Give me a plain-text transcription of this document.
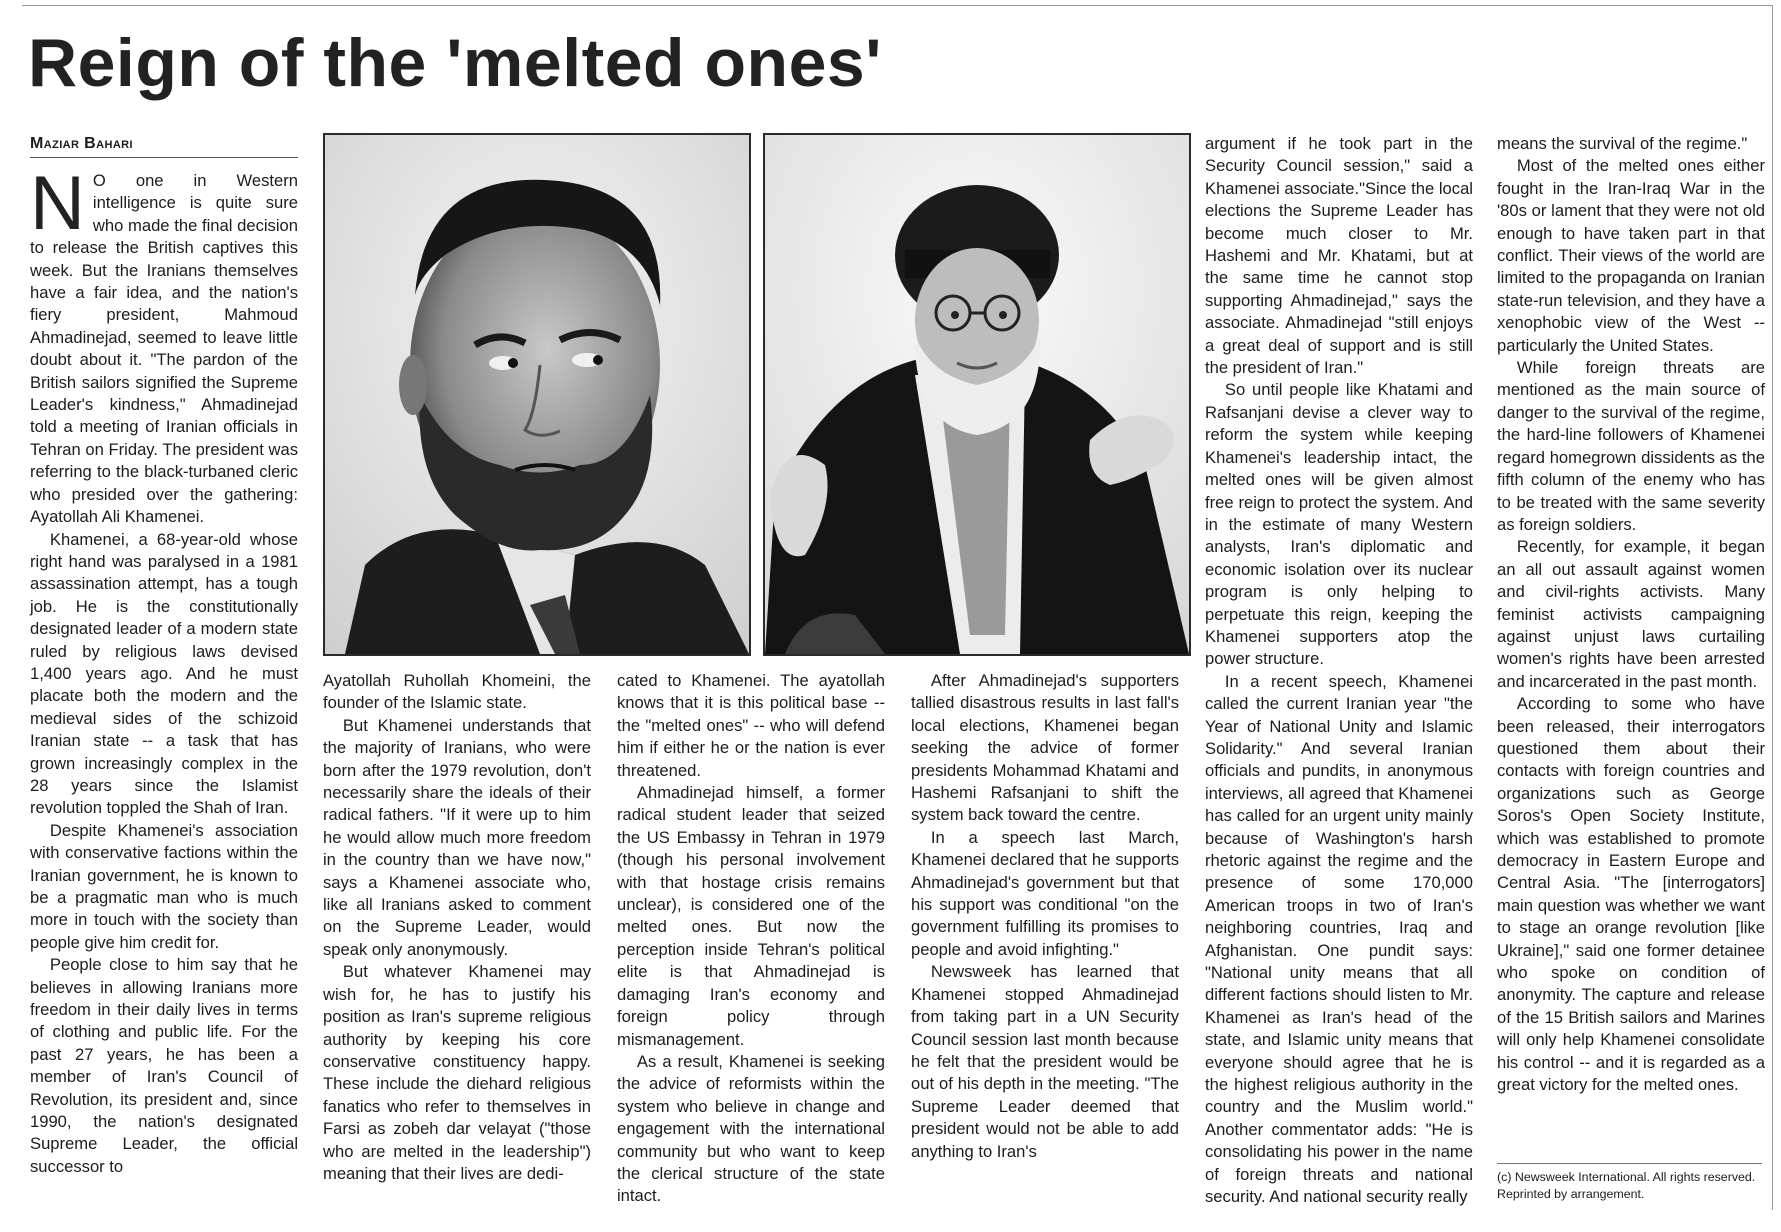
Reign of the 'melted ones'
Maziar Bahari

N O one in Western intelligence is quite sure who made the final decision to release the British captives this week. But the Iranians themselves have a fair idea, and the nation's fiery president, Mahmoud Ahmadinejad, seemed to leave little doubt about it. "The pardon of the British sailors signified the Supreme Leader's kindness," Ahmadinejad told a meeting of Iranian officials in Tehran on Friday. The president was referring to the black-turbaned cleric who presided over the gathering: Ayatollah Ali Khamenei.

Khamenei, a 68-year-old whose right hand was paralysed in a 1981 assassination attempt, has a tough job. He is the constitutionally designated leader of a modern state ruled by religious laws devised 1,400 years ago. And he must placate both the modern and the medieval sides of the schizoid Iranian state -- a task that has grown increasingly complex in the 28 years since the Islamist revolution toppled the Shah of Iran.

Despite Khamenei's association with conservative factions within the Iranian government, he is known to be a pragmatic man who is much more in touch with the society than people give him credit for.

People close to him say that he believes in allowing Iranians more freedom in their daily lives in terms of clothing and public life. For the past 27 years, he has been a member of Iran's Council of Revolution, its president and, since 1990, the nation's designated Supreme Leader, the official successor to

Ayatollah Ruhollah Khomeini, the founder of the Islamic state.

But Khamenei understands that the majority of Iranians, who were born after the 1979 revolution, don't necessarily share the ideals of their radical fathers. "If it were up to him he would allow much more freedom in the country than we have now," says a Khamenei associate who, like all Iranians asked to comment on the Supreme Leader, would speak only anonymously.

But whatever Khamenei may wish for, he has to justify his position as Iran's supreme religious authority by keeping his core conservative constituency happy. These include the diehard religious fanatics who refer to themselves in Farsi as zobeh dar velayat ("those who are melted in the leadership") meaning that their lives are dedi-

cated to Khamenei. The ayatollah knows that it is this political base -- the "melted ones" -- who will defend him if either he or the nation is ever threatened.

Ahmadinejad himself, a former radical student leader that seized the US Embassy in Tehran in 1979 (though his personal involvement with that hostage crisis remains unclear), is considered one of the melted ones. But now the perception inside Tehran's political elite is that Ahmadinejad is damaging Iran's economy and foreign policy through mismanagement.

As a result, Khamenei is seeking the advice of reformists within the system who believe in change and engagement with the international community but who want to keep the clerical structure of the state intact.

After Ahmadinejad's supporters tallied disastrous results in last fall's local elections, Khamenei began seeking the advice of former presidents Mohammad Khatami and Hashemi Rafsanjani to shift the system back toward the centre.

In a speech last March, Khamenei declared that he supports Ahmadinejad's government but that his support was conditional "on the government fulfilling its promises to people and avoid infighting."

Newsweek has learned that Khamenei stopped Ahmadinejad from taking part in a UN Security Council session last month because he felt that the president would be out of his depth in the meeting. "The Supreme Leader deemed that president would not be able to add anything to Iran's

argument if he took part in the Security Council session," said a Khamenei associate."Since the local elections the Supreme Leader has become much closer to Mr. Hashemi and Mr. Khatami, but at the same time he cannot stop supporting Ahmadinejad," says the associate. Ahmadinejad "still enjoys a great deal of support and is still the president of Iran."

So until people like Khatami and Rafsanjani devise a clever way to reform the system while keeping Khamenei's leadership intact, the melted ones will be given almost free reign to protect the system. And in the estimate of many Western analysts, Iran's diplomatic and economic isolation over its nuclear program is only helping to perpetuate this reign, keeping the Khamenei supporters atop the power structure.

In a recent speech, Khamenei called the current Iranian year "the Year of National Unity and Islamic Solidarity." And several Iranian officials and pundits, in anonymous interviews, all agreed that Khamenei has called for an urgent unity mainly because of Washington's harsh rhetoric against the regime and the presence of some 170,000 American troops in two of Iran's neighboring countries, Iraq and Afghanistan. One pundit says: "National unity means that all different factions should listen to Mr. Khamenei as Iran's head of the state, and Islamic unity means that everyone should agree that he is the highest religious authority in the country and the Muslim world." Another commentator adds: "He is consolidating his power in the name of foreign threats and national security. And national security really

means the survival of the regime."

Most of the melted ones either fought in the Iran-Iraq War in the '80s or lament that they were not old enough to have taken part in that conflict. Their views of the world are limited to the propaganda on Iranian state-run television, and they have a xenophobic view of the West -- particularly the United States.

While foreign threats are mentioned as the main source of danger to the survival of the regime, the hard-line followers of Khamenei regard homegrown dissidents as the fifth column of the enemy who has to be treated with the same severity as foreign soldiers.

Recently, for example, it began an all out assault against women and civil-rights activists. Many feminist activists campaigning against unjust laws curtailing women's rights have been arrested and incarcerated in the past month.

According to some who have been released, their interrogators questioned them about their contacts with foreign countries and organizations such as George Soros's Open Society Institute, which was established to promote democracy in Eastern Europe and Central Asia. "The [interrogators] main question was whether we want to stage an orange revolution [like Ukraine]," said one former detainee who spoke on condition of anonymity. The capture and release of the 15 British sailors and Marines will only help Khamenei consolidate his control -- and it is regarded as a great victory for the melted ones.

(c) Newsweek International. All rights reserved.
Reprinted by arrangement.
